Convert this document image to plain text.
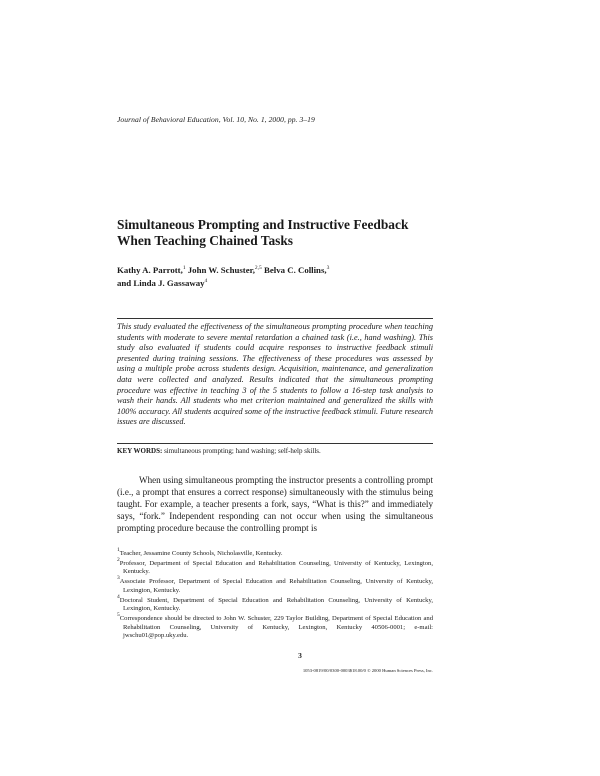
Journal of Behavioral Education, Vol. 10, No. 1, 2000, pp. 3–19
Simultaneous Prompting and Instructive Feedback
When Teaching Chained Tasks
Kathy A. Parrott,$^1$ John W. Schuster,$^{2,5}$ Belva C. Collins,$^3$
and Linda J. Gassaway$^4$
This study evaluated the effectiveness of the simultaneous prompting procedure when teaching students with moderate to severe mental retardation a chained task (i.e., hand washing). This study also evaluated if students could acquire responses to instructive feedback stimuli presented during training sessions. The effectiveness of these procedures was assessed by using a multiple probe across students design. Acquisition, maintenance, and generalization data were collected and analyzed. Results indicated that the simultaneous prompting procedure was effective in teaching 3 of the 5 students to follow a 16-step task analysis to wash their hands. All students who met criterion maintained and generalized the skills with 100% accuracy. All students acquired some of the instructive feedback stimuli. Future research issues are discussed.
KEY WORDS: simultaneous prompting; hand washing; self-help skills.

When using simultaneous prompting the instructor presents a controlling prompt (i.e., a prompt that ensures a correct response) simultaneously with the stimulus being taught. For example, a teacher presents a fork, says, “What is this?” and immediately says, “fork.” Independent responding can not occur when using the simultaneous prompting procedure because the controlling prompt is

$^1$Teacher, Jessamine County Schools, Nicholasville, Kentucky.

$^2$Professor, Department of Special Education and Rehabilitation Counseling, University of Kentucky, Lexington, Kentucky.

$^3$Associate Professor, Department of Special Education and Rehabilitation Counseling, University of Kentucky, Lexington, Kentucky.

$^4$Doctoral Student, Department of Special Education and Rehabilitation Counseling, University of Kentucky, Lexington, Kentucky.

$^5$Correspondence should be directed to John W. Schuster, 229 Taylor Building, Department of Special Education and Rehabilitation Counseling, University of Kentucky, Lexington, Kentucky 40506-0001; e-mail: jwschu01@pop.uky.edu.

3
1053-0819/00/0300-0003$18.00/0 © 2000 Human Sciences Press, Inc.
